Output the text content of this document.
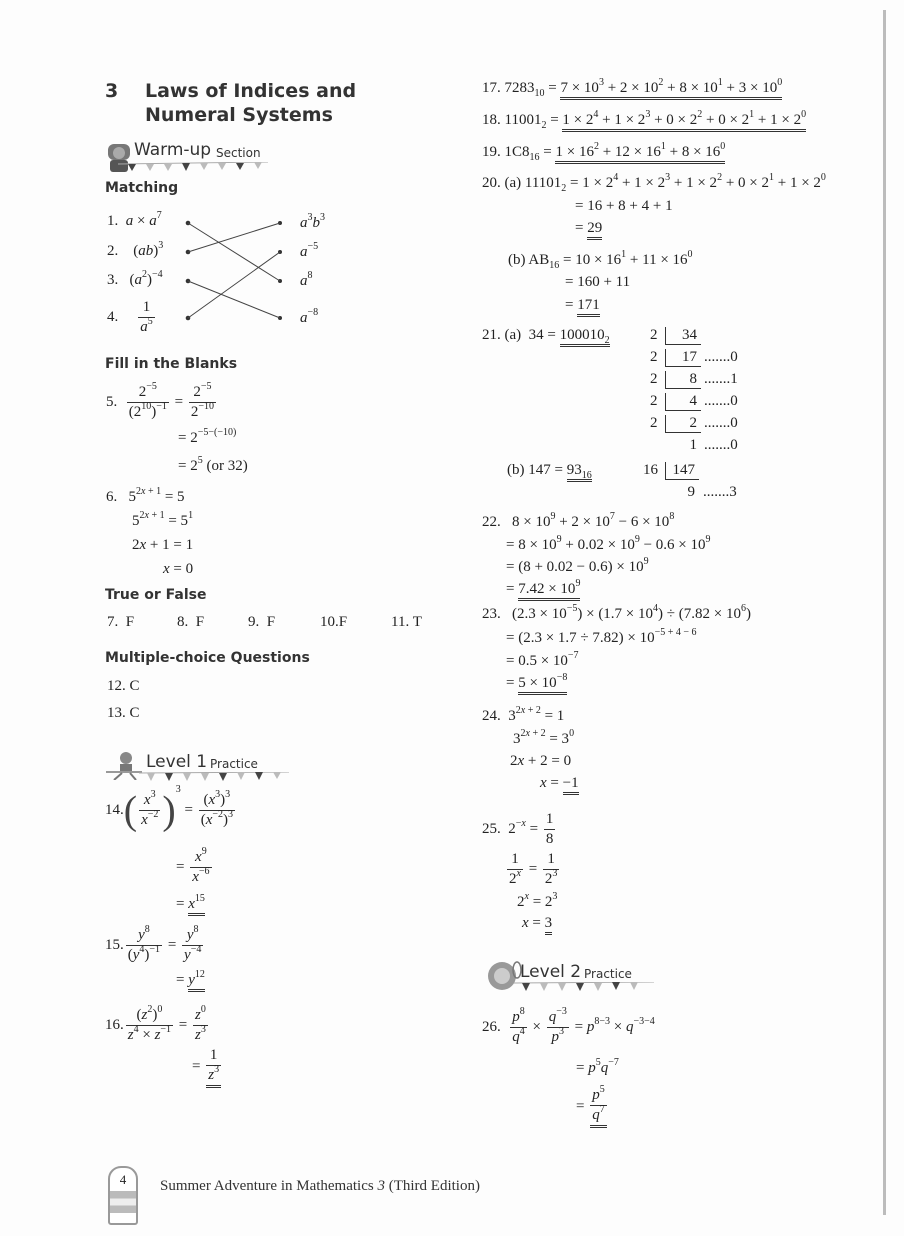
3 Laws of Indices and
Numeral Systems
Warm-up Section
Matching
1. $a \times a^7$
2.    (ab)$^3$
3.   $(a^2)^{-4}$
4. $\frac{1}{a^5}$
$a^3b^3$
$a^{-5}$
$a^8$
$a^{-8}$
Fill in the Blanks
5. $\frac{2^{-5}}{(2^{10})^{-1}} = \frac{2^{-5}}{2^{-10}}$
= $2^{-5-(-10)}$
= $2^5$ (or 32)
6.   $5^{2x + 1} = 5$
$5^{2x + 1} = 5^1$
2x + 1 = 1
x = 0
True or False
7. F	8. F	9. F	10.F	11. T
Multiple-choice Questions
12. C
13. C
Level 1 Practice
$14.( \frac{x^3}{x^{-2}} )^3 = \frac{(x^3)^3}{(x^{-2})^3}$
= $\frac{x^9}{x^{-6}}$
= $x^{15}$
15. $\frac{y^8}{(y^4)^{-1}} = \frac{y^8}{y^{-4}}$
= $y^{12}$
16. $\frac{(z^2)^0}{z^4 \times z^{-1}} = \frac{z^0}{z^3}$
= $\frac{1}{z^3}$
17. $7283_{10} = 7 \times 10^3 + 2 \times 10^2 + 8 \times 10^1 + 3 \times 10^0$
18. $11001_2 = 1 \times 2^4 + 1 \times 2^3 + 0 \times 2^2 + 0 \times 2^1 + 1 \times 2^0$
19. $1C8_{16} = 1 \times 16^2 + 12 \times 16^1 + 8 \times 16^0$
20. (a) $11101_2 = 1 \times 2^4 + 1 \times 2^3 + 1 \times 2^2 + 0 \times 2^1 + 1 \times 2^0$
= 16 + 8 + 4 + 1
= 29
(b) $AB_{16} = 10 \times 16^1 + 11 \times 16^0$
= 160 + 11
= 171
21. (a)  $34 = 100010_2$	2	34
2	17 .......0
2	8 .......1
2	4 .......0
2	2 .......0
1 .......0
(b) $147 = 93_{16}$	16 147
9 .......3
22.   $8 \times 10^9 + 2 \times 10^7 - 6 \times 10^8$
= $8 \times 10^9 + 0.02 \times 10^9 - 0.6 \times 10^9$
= $(8 + 0.02 - 0.6) \times 10^9$
= $7.42 \times 10^9$
23.   $(2.3 \times 10^{-5}) \times (1.7 \times 10^4) \div (7.82 \times 10^6)$
= $(2.3 \times 1.7 \div 7.82) \times 10^{-5 + 4 - 6}$
= $0.5 \times 10^{-7}$
= $5 \times 10^{-8}$
24.  $3^{2x + 2} = 1$
$3^{2x + 2} = 3^0$
2x + 2 = 0
x = −1
25.  $2^{-x} = \frac{1}{8}$
$\frac{1}{2^x} = \frac{1}{2^3}$
$2^x = 2^3$
x = 3
Level 2 Practice
26. $\frac{p^8}{q^4} \times \frac{q^{-3}}{p^3} = p^{8-3} \times q^{-3-4}$
= $p^5q^{-7}$
= $\frac{p^5}{q^7}$
4	Summer Adventure in Mathematics 3 (Third Edition)
